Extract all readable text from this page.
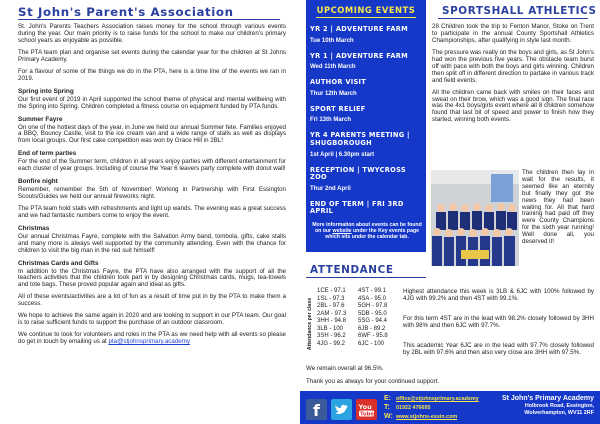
St John's Parent's Association

St. John's Parents Teachers Association raises money for the school through various events during the year. Our main priority is to raise funds for the school to make our children's primary school years as enjoyable as possible.

The PTA team plan and organise set events during the calendar year for the children at St Johns Primary Academy.

For a flavour of some of the things we do in the PTA, here is a time line of the events we ran in 2019.

Spring into Spring

Our first event of 2019 in April supported the school theme of physical and mental wellbeing with the Spring into Spring. Children completed a fitness course on equipment funded by PTA funds.

Summer Fayre

On one of the hottest days of the year, in June we held our annual Summer fete. Families enjoyed a BBQ, Bouncy Castle, visit to the ice cream van and a wide range of stalls as well as displays from local groups. Our first cake competition was won by Grace Hill in 2BL!

End of term parties

For the end of the Summer term, children in all years enjoy parties with different entertainment for each cluster of year groups. Including of course the Year 6 leavers party complete with donut wall!

Bonfire night

Remember, remember the 5th of November! Working in Partnership with First Essington Scouts/Guides we held our annual fireworks night.

The PTA team hold stalls with refreshments and light up wands. The evening was a great success and we had fantastic numbers come to enjoy the event.

Christmas

Our annual Christmas Fayre, complete with the Salvation Army band, tombola, gifts, cake stalls and many more is always well supported by the community attending. Even with the chance for children to visit the big man in the red suit himself!

Christmas Cards and Gifts

In addition to the Christmas Fayre, the PTA have also arranged with the support of all the teachers activities that the children took part in by designing Christmas cards, mugs, tea-towels and tote bags. These proved popular again and ideal as gifts.

All of these events/activities are a lot of fun as a result of time put in by the PTA to make them a success.

We hope to achieve the same again in 2020 and are looking to support in our PTA team. Our goal is to raise sufficient funds to support the purchase of an outdoor classroom.

We continue to look for volunteers and roles in the PTA as we need help with all events so please do get in touch by emailing us at pta@stjohnsprimary.academy

UPCOMING EVENTS
YR 2 | ADVENTURE FARM
Tue 10th March
YR 1 | ADVENTURE FARM
Wed 11th March
AUTHOR VISIT
Thur 12th March
SPORT RELIEF
Fri 13th March
YR 4 PARENTS MEETING | SHUGBOROUGH
1st April | 6.30pm start
RECEPTION | TWYCROSS ZOO
Thur 2nd April
END OF TERM | FRI 3RD APRIL
More information about events can be found on our website under the Key events page which sits under the calendar tab.
SPORTSHALL ATHLETICS

28 Children took the trip to Fenton Manor, Stoke on Trent to participate in the annual County Sportshall Athletics Championships, after qualifying in style last month.

The pressure was really on the boys and girls, as St John's had won the previous five years. The obstacle team burst off with pace with both the boys and girls winning. Children then split off in different direction to partake in various track and field events.

All the children came back with smiles on their faces and sweat on their brow, which was a good sign. The final race was the 4x1 boys/girls event where all 8 children somehow found that last bit of speed and power to finish how they started, winning both events.

The children then lay in wait for the results, it seemed like an eternity but finally they got the news they had been waiting for. All that hard training had paid off they were County Champions for the sixth year running! Well done all, you deserved it!
ATTENDANCE
Attendance per class
1CE - 97.1
1SL - 97.3
2BL - 97.6
2AM - 97.3
3HH - 94.8
3LB - 100
3SH - 96.2
4JG - 99.2
4ST - 99.1
4SA - 95.0
5GH - 97.8
5DB - 95.0
5SG - 94.4
6JB - 89.2
6WF - 95.8
6JC - 100
Highest attendance this week is 3LB & 6JC with 100% followed by 4JG with 99.2% and then 4ST with 99.1%.
For this term 4ST are in the lead with 98.2% closely followed by 3HH with 98% and then 6JC with 97.7%.
This academic Year 6JC are in the lead with 97.7% closely followed by 2BL with 97.6% and then also very close are 3HH with 97.5%.
We remain overall at 96.5%.
Thank you as always for your continued support.
f	You
Tube
E:
T:
W:
office@stjohnsprimary.academy
01922 476695
www.stjohns-essin.com
St John's Primary Academy
Holbrook Road, Essington,
Wolverhampton, WV11 2RF
